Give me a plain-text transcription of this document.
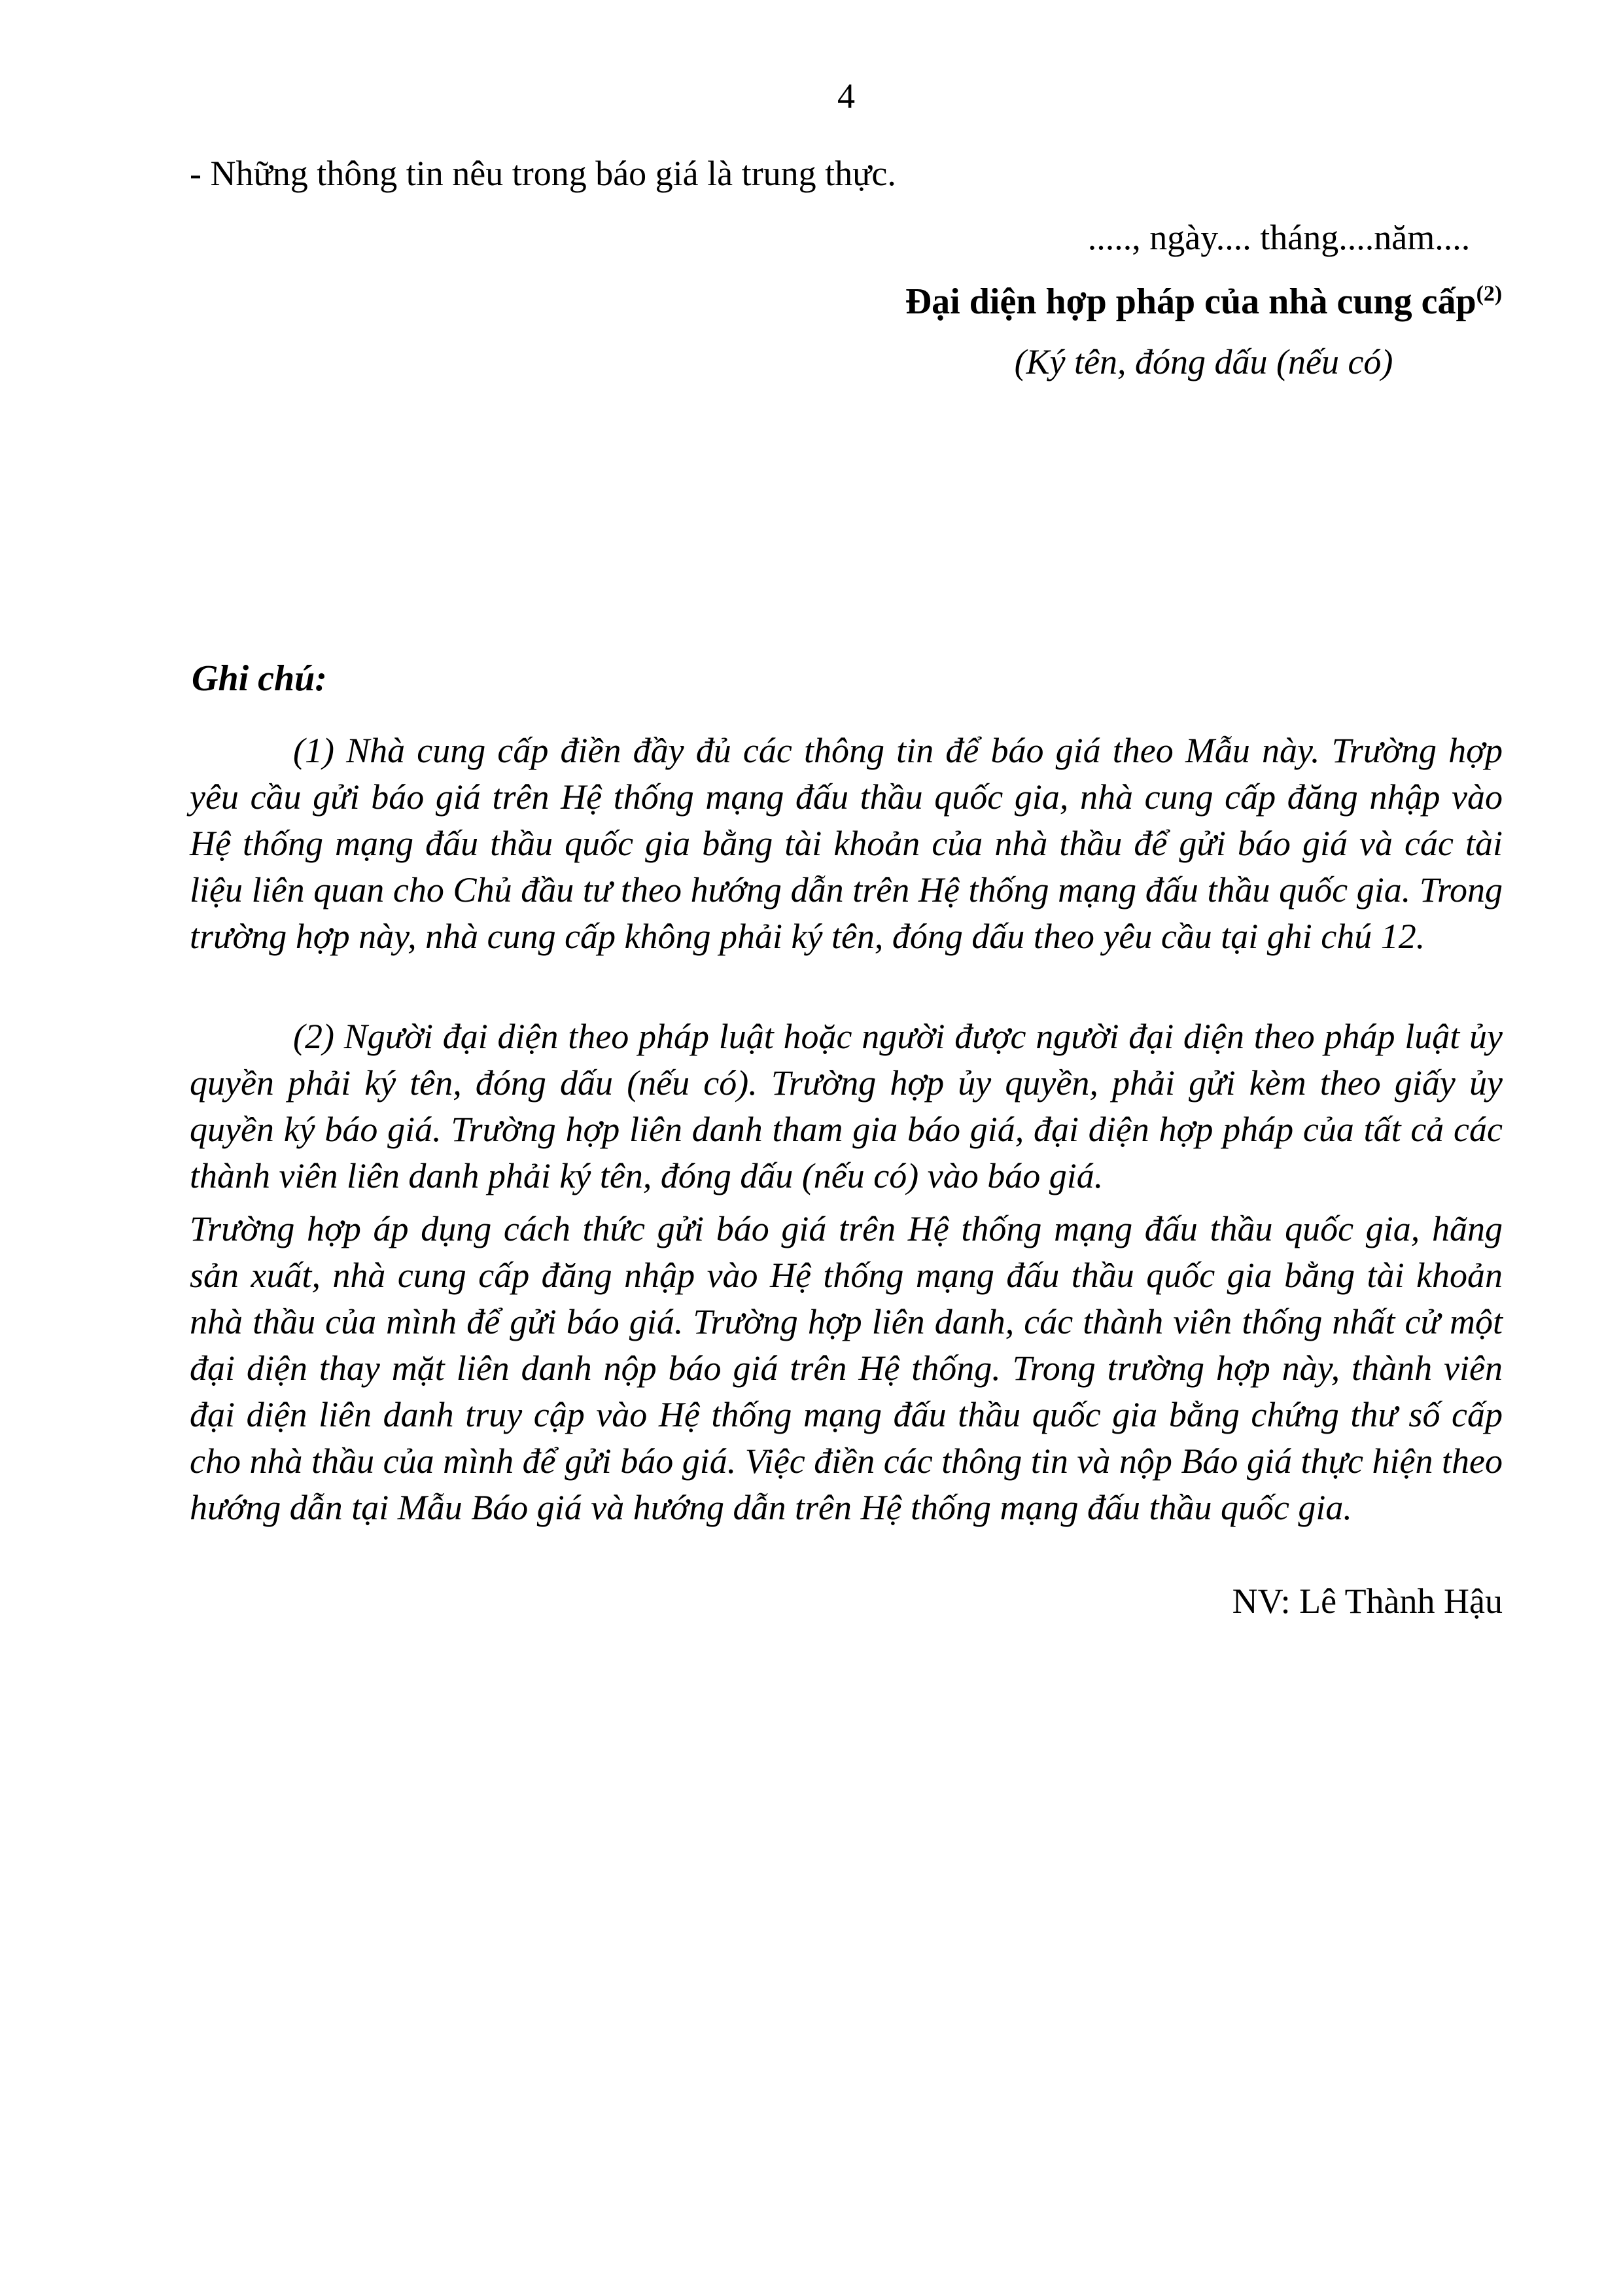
4
- Những thông tin nêu trong báo giá là trung thực.
....., ngày.... tháng....năm....
Đại diện hợp pháp của nhà cung cấp$^{(2)}$
(Ký tên, đóng dấu (nếu có)
Ghi chú:

(1) Nhà cung cấp điền đầy đủ các thông tin để báo giá theo Mẫu này. Trường hợp yêu cầu gửi báo giá trên Hệ thống mạng đấu thầu quốc gia, nhà cung cấp đăng nhập vào Hệ thống mạng đấu thầu quốc gia bằng tài khoản của nhà thầu để gửi báo giá và các tài liệu liên quan cho Chủ đầu tư theo hướng dẫn trên Hệ thống mạng đấu thầu quốc gia. Trong trường hợp này, nhà cung cấp không phải ký tên, đóng dấu theo yêu cầu tại ghi chú 12.

(2) Người đại diện theo pháp luật hoặc người được người đại diện theo pháp luật ủy quyền phải ký tên, đóng dấu (nếu có). Trường hợp ủy quyền, phải gửi kèm theo giấy ủy quyền ký báo giá. Trường hợp liên danh tham gia báo giá, đại diện hợp pháp của tất cả các thành viên liên danh phải ký tên, đóng dấu (nếu có) vào báo giá.

Trường hợp áp dụng cách thức gửi báo giá trên Hệ thống mạng đấu thầu quốc gia, hãng sản xuất, nhà cung cấp đăng nhập vào Hệ thống mạng đấu thầu quốc gia bằng tài khoản nhà thầu của mình để gửi báo giá. Trường hợp liên danh, các thành viên thống nhất cử một đại diện thay mặt liên danh nộp báo giá trên Hệ thống. Trong trường hợp này, thành viên đại diện liên danh truy cập vào Hệ thống mạng đấu thầu quốc gia bằng chứng thư số cấp cho nhà thầu của mình để gửi báo giá. Việc điền các thông tin và nộp Báo giá thực hiện theo hướng dẫn tại Mẫu Báo giá và hướng dẫn trên Hệ thống mạng đấu thầu quốc gia.

NV: Lê Thành Hậu
